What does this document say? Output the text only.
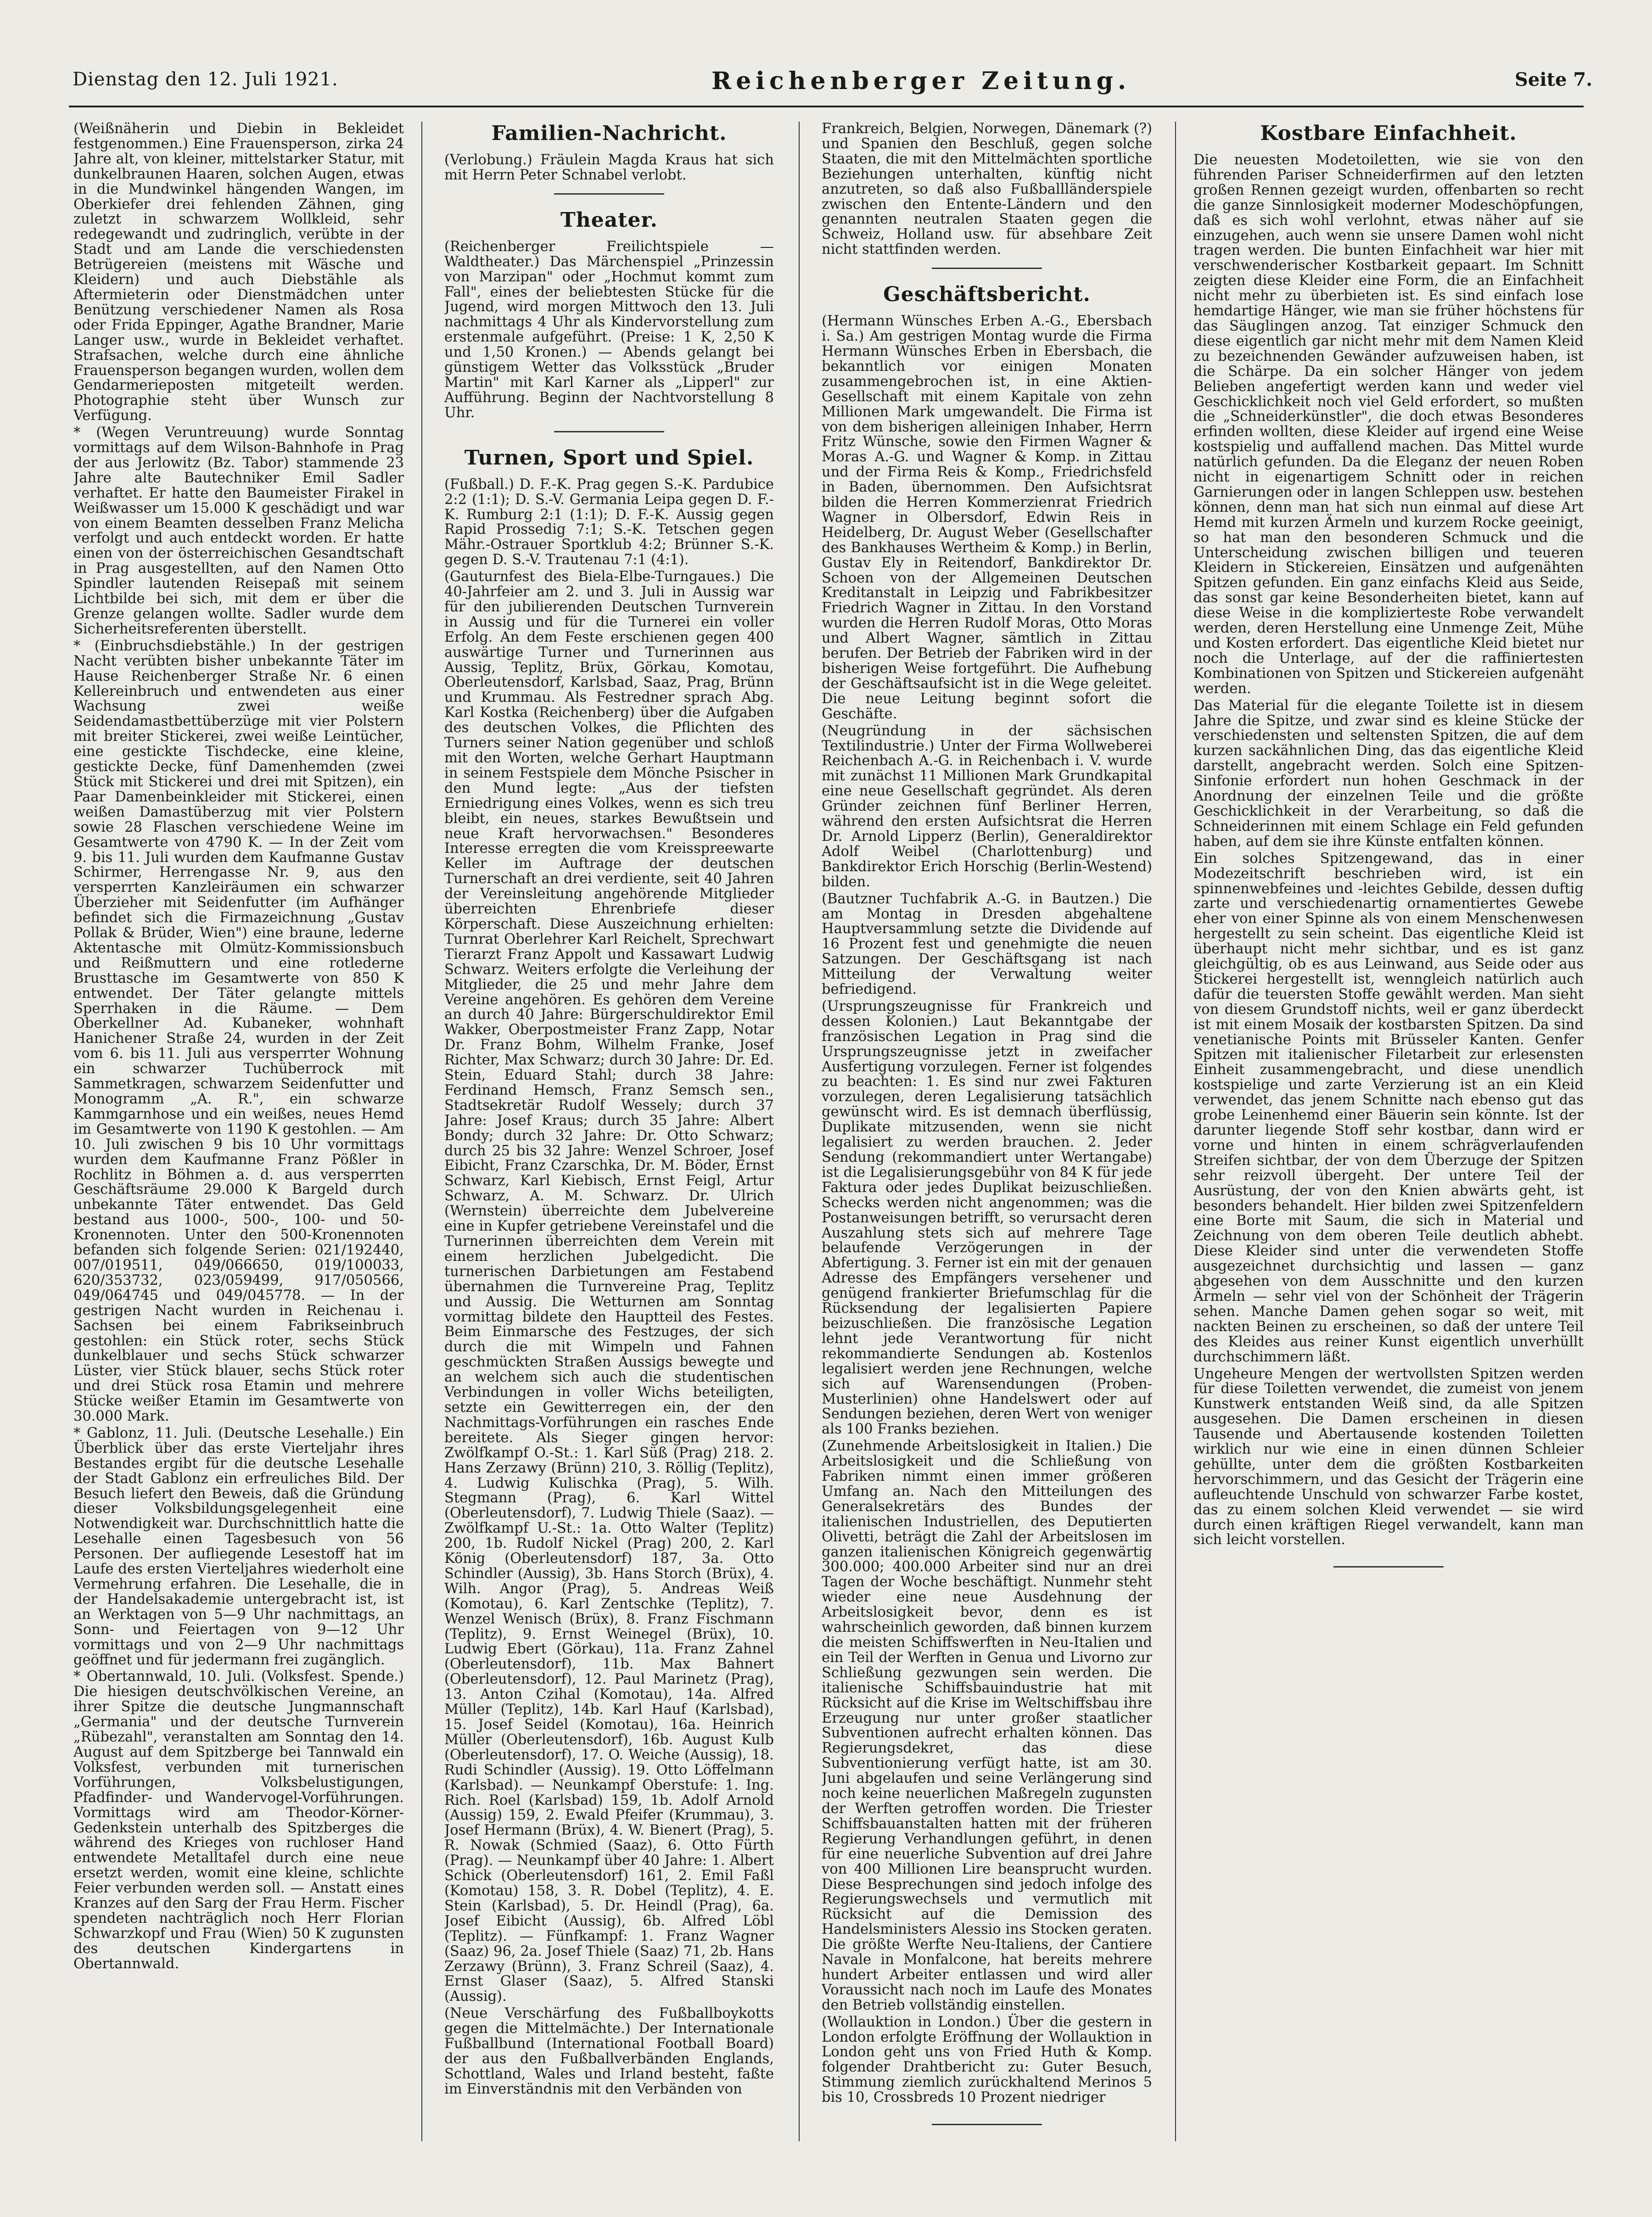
Dienstag den 12. Juli 1921.	Reichenberger Zeitung.	Seite 7.

(Weißnäherin und Diebin in Bekleidet festgenommen.) Eine Frauensperson, zirka 24 Jahre alt, von kleiner, mittelstarker Statur, mit dunkelbraunen Haaren, solchen Augen, etwas in die Mundwinkel hängenden Wangen, im Oberkiefer drei fehlenden Zähnen, ging zuletzt in schwarzem Wollkleid, sehr redegewandt und zudringlich, verübte in der Stadt und am Lande die verschiedensten Betrügereien (meistens mit Wäsche und Kleidern) und auch Diebstähle als Aftermieterin oder Dienstmädchen unter Benützung verschiedener Namen als Rosa oder Frida Eppinger, Agathe Brandner, Marie Langer usw., wurde in Bekleidet verhaftet. Strafsachen, welche durch eine ähnliche Frauensperson begangen wurden, wollen dem Gendarmerieposten mitgeteilt werden. Photographie steht über Wunsch zur Verfügung.

* (Wegen Veruntreuung) wurde Sonntag vormittags auf dem Wilson-Bahnhofe in Prag der aus Jerlowitz (Bz. Tabor) stammende 23 Jahre alte Bautechniker Emil Sadler verhaftet. Er hatte den Baumeister Firakel in Weißwasser um 15.000 K geschädigt und war von einem Beamten desselben Franz Melicha verfolgt und auch entdeckt worden. Er hatte einen von der österreichischen Gesandtschaft in Prag ausgestellten, auf den Namen Otto Spindler lautenden Reisepaß mit seinem Lichtbilde bei sich, mit dem er über die Grenze gelangen wollte. Sadler wurde dem Sicherheitsreferenten überstellt.

* (Einbruchsdiebstähle.) In der gestrigen Nacht verübten bisher unbekannte Täter im Hause Reichenberger Straße Nr. 6 einen Kellereinbruch und entwendeten aus einer Wachsung zwei weiße Seidendamastbettüberzüge mit vier Polstern mit breiter Stickerei, zwei weiße Leintücher, eine gestickte Tischdecke, eine kleine, gestickte Decke, fünf Damenhemden (zwei Stück mit Stickerei und drei mit Spitzen), ein Paar Damenbeinkleider mit Stickerei, einen weißen Damastüberzug mit vier Polstern sowie 28 Flaschen verschiedene Weine im Gesamtwerte von 4790 K. — In der Zeit vom 9. bis 11. Juli wurden dem Kaufmanne Gustav Schirmer, Herrengasse Nr. 9, aus den versperrten Kanzleiräumen ein schwarzer Überzieher mit Seidenfutter (im Aufhänger befindet sich die Firmazeichnung „Gustav Pollak & Brüder, Wien") eine braune, lederne Aktentasche mit Olmütz-Kommissionsbuch und Reißmuttern und eine rotlederne Brusttasche im Gesamtwerte von 850 K entwendet. Der Täter gelangte mittels Sperrhaken in die Räume. — Dem Oberkellner Ad. Kubaneker, wohnhaft Hanichener Straße 24, wurden in der Zeit vom 6. bis 11. Juli aus versperrter Wohnung ein schwarzer Tuchüberrock mit Sammetkragen, schwarzem Seidenfutter und Monogramm „A. R.", ein schwarze Kammgarnhose und ein weißes, neues Hemd im Gesamtwerte von 1190 K gestohlen. — Am 10. Juli zwischen 9 bis 10 Uhr vormittags wurden dem Kaufmanne Franz Pößler in Rochlitz in Böhmen a. d. aus versperrten Geschäftsräume 29.000 K Bargeld durch unbekannte Täter entwendet. Das Geld bestand aus 1000-, 500-, 100- und 50-Kronennoten. Unter den 500-Kronennoten befanden sich folgende Serien: 021/192440, 007/019511, 049/066650, 019/100033, 620/353732, 023/059499, 917/050566, 049/064745 und 049/045778. — In der gestrigen Nacht wurden in Reichenau i. Sachsen bei einem Fabrikseinbruch gestohlen: ein Stück roter, sechs Stück dunkelblauer und sechs Stück schwarzer Lüster, vier Stück blauer, sechs Stück roter und drei Stück rosa Etamin und mehrere Stücke weißer Etamin im Gesamtwerte von 30.000 Mark.

* Gablonz, 11. Juli. (Deutsche Lesehalle.) Ein Überblick über das erste Vierteljahr ihres Bestandes ergibt für die deutsche Lesehalle der Stadt Gablonz ein erfreuliches Bild. Der Besuch liefert den Beweis, daß die Gründung dieser Volksbildungsgelegenheit eine Notwendigkeit war. Durchschnittlich hatte die Lesehalle einen Tagesbesuch von 56 Personen. Der aufliegende Lesestoff hat im Laufe des ersten Vierteljahres wiederholt eine Vermehrung erfahren. Die Lesehalle, die in der Handelsakademie untergebracht ist, ist an Werktagen von 5—9 Uhr nachmittags, an Sonn- und Feiertagen von 9—12 Uhr vormittags und von 2—9 Uhr nachmittags geöffnet und für jedermann frei zugänglich.

* Obertannwald, 10. Juli. (Volksfest. Spende.) Die hiesigen deutschvölkischen Vereine, an ihrer Spitze die deutsche Jungmannschaft „Germania" und der deutsche Turnverein „Rübezahl", veranstalten am Sonntag den 14. August auf dem Spitzberge bei Tannwald ein Volksfest, verbunden mit turnerischen Vorführungen, Volksbelustigungen, Pfadfinder- und Wandervogel-Vorführungen. Vormittags wird am Theodor-Körner-Gedenkstein unterhalb des Spitzberges die während des Krieges von ruchloser Hand entwendete Metalltafel durch eine neue ersetzt werden, womit eine kleine, schlichte Feier verbunden werden soll. — Anstatt eines Kranzes auf den Sarg der Frau Herm. Fischer spendeten nachträglich noch Herr Florian Schwarzkopf und Frau (Wien) 50 K zugunsten des deutschen Kindergartens in Obertannwald.

Familien-Nachricht.

(Verlobung.) Fräulein Magda Kraus hat sich mit Herrn Peter Schnabel verlobt.

Theater.

(Reichenberger Freilichtspiele — Waldtheater.) Das Märchenspiel „Prinzessin von Marzipan" oder „Hochmut kommt zum Fall", eines der beliebtesten Stücke für die Jugend, wird morgen Mittwoch den 13. Juli nachmittags 4 Uhr als Kindervorstellung zum erstenmale aufgeführt. (Preise: 1 K, 2,50 K und 1,50 Kronen.) — Abends gelangt bei günstigem Wetter das Volksstück „Bruder Martin" mit Karl Karner als „Lipperl" zur Aufführung. Beginn der Nachtvorstellung 8 Uhr.

Turnen, Sport und Spiel.

(Fußball.) D. F.-K. Prag gegen S.-K. Pardubice 2:2 (1:1); D. S.-V. Germania Leipa gegen D. F.-K. Rumburg 2:1 (1:1); D. F.-K. Aussig gegen Rapid Prossedig 7:1; S.-K. Tetschen gegen Mähr.-Ostrauer Sportklub 4:2; Brünner S.-K. gegen D. S.-V. Trautenau 7:1 (4:1).

(Gauturnfest des Biela-Elbe-Turngaues.) Die 40-Jahrfeier am 2. und 3. Juli in Aussig war für den jubilierenden Deutschen Turnverein in Aussig und für die Turnerei ein voller Erfolg. An dem Feste erschienen gegen 400 auswärtige Turner und Turnerinnen aus Aussig, Teplitz, Brüx, Görkau, Komotau, Oberleutensdorf, Karlsbad, Saaz, Prag, Brünn und Krummau. Als Festredner sprach Abg. Karl Kostka (Reichenberg) über die Aufgaben des deutschen Volkes, die Pflichten des Turners seiner Nation gegenüber und schloß mit den Worten, welche Gerhart Hauptmann in seinem Festspiele dem Mönche Psischer in den Mund legte: „Aus der tiefsten Erniedrigung eines Volkes, wenn es sich treu bleibt, ein neues, starkes Bewußtsein und neue Kraft hervorwachsen." Besonderes Interesse erregten die vom Kreisspreewarte Keller im Auftrage der deutschen Turnerschaft an drei verdiente, seit 40 Jahren der Vereinsleitung angehörende Mitglieder überreichten Ehrenbriefe dieser Körperschaft. Diese Auszeichnung erhielten: Turnrat Oberlehrer Karl Reichelt, Sprechwart Tierarzt Franz Appolt und Kassawart Ludwig Schwarz. Weiters erfolgte die Verleihung der Mitglieder, die 25 und mehr Jahre dem Vereine angehören. Es gehören dem Vereine an durch 40 Jahre: Bürgerschuldirektor Emil Wakker, Oberpostmeister Franz Zapp, Notar Dr. Franz Bohm, Wilhelm Franke, Josef Richter, Max Schwarz; durch 30 Jahre: Dr. Ed. Stein, Eduard Stahl; durch 38 Jahre: Ferdinand Hemsch, Franz Semsch sen., Stadtsekretär Rudolf Wessely; durch 37 Jahre: Josef Kraus; durch 35 Jahre: Albert Bondy; durch 32 Jahre: Dr. Otto Schwarz; durch 25 bis 32 Jahre: Wenzel Schroer, Josef Eibicht, Franz Czarschka, Dr. M. Böder, Ernst Schwarz, Karl Kiebisch, Ernst Feigl, Artur Schwarz, A. M. Schwarz. Dr. Ulrich (Wernstein) überreichte dem Jubelvereine eine in Kupfer getriebene Vereinstafel und die Turnerinnen überreichten dem Verein mit einem herzlichen Jubelgedicht. Die turnerischen Darbietungen am Festabend übernahmen die Turnvereine Prag, Teplitz und Aussig. Die Wetturnen am Sonntag vormittag bildete den Hauptteil des Festes. Beim Einmarsche des Festzuges, der sich durch die mit Wimpeln und Fahnen geschmückten Straßen Aussigs bewegte und an welchem sich auch die studentischen Verbindungen in voller Wichs beteiligten, setzte ein Gewitterregen ein, der den Nachmittags-Vorführungen ein rasches Ende bereitete. Als Sieger gingen hervor: Zwölfkampf O.-St.: 1. Karl Süß (Prag) 218. 2. Hans Zerzawy (Brünn) 210, 3. Röllig (Teplitz), 4. Ludwig Kulischka (Prag), 5. Wilh. Stegmann (Prag), 6. Karl Wittel (Oberleutensdorf), 7. Ludwig Thiele (Saaz). — Zwölfkampf U.-St.: 1a. Otto Walter (Teplitz) 200, 1b. Rudolf Nickel (Prag) 200, 2. Karl König (Oberleutensdorf) 187, 3a. Otto Schindler (Aussig), 3b. Hans Storch (Brüx), 4. Wilh. Angor (Prag), 5. Andreas Weiß (Komotau), 6. Karl Zentschke (Teplitz), 7. Wenzel Wenisch (Brüx), 8. Franz Fischmann (Teplitz), 9. Ernst Weinegel (Brüx), 10. Ludwig Ebert (Görkau), 11a. Franz Zahnel (Oberleutensdorf), 11b. Max Bahnert (Oberleutensdorf), 12. Paul Marinetz (Prag), 13. Anton Czihal (Komotau), 14a. Alfred Müller (Teplitz), 14b. Karl Hauf (Karlsbad), 15. Josef Seidel (Komotau), 16a. Heinrich Müller (Oberleutensdorf), 16b. August Kulb (Oberleutensdorf), 17. O. Weiche (Aussig), 18. Rudi Schindler (Aussig). 19. Otto Löffelmann (Karlsbad). — Neunkampf Oberstufe: 1. Ing. Rich. Roel (Karlsbad) 159, 1b. Adolf Arnold (Aussig) 159, 2. Ewald Pfeifer (Krummau), 3. Josef Hermann (Brüx), 4. W. Bienert (Prag), 5. R. Nowak (Schmied (Saaz), 6. Otto Fürth (Prag). — Neunkampf über 40 Jahre: 1. Albert Schick (Oberleutensdorf) 161, 2. Emil Faßl (Komotau) 158, 3. R. Dobel (Teplitz), 4. E. Stein (Karlsbad), 5. Dr. Heindl (Prag), 6a. Josef Eibicht (Aussig), 6b. Alfred Löbl (Teplitz). — Fünfkampf: 1. Franz Wagner (Saaz) 96, 2a. Josef Thiele (Saaz) 71, 2b. Hans Zerzawy (Brünn), 3. Franz Schreil (Saaz), 4. Ernst Glaser (Saaz), 5. Alfred Stanski (Aussig).

(Neue Verschärfung des Fußballboykotts gegen die Mittelmächte.) Der Internationale Fußballbund (International Football Board) der aus den Fußballverbänden Englands, Schottland, Wales und Irland besteht, faßte im Einverständnis mit den Verbänden von

Frankreich, Belgien, Norwegen, Dänemark (?) und Spanien den Beschluß, gegen solche Staaten, die mit den Mittelmächten sportliche Beziehungen unterhalten, künftig nicht anzutreten, so daß also Fußballländerspiele zwischen den Entente-Ländern und den genannten neutralen Staaten gegen die Schweiz, Holland usw. für absehbare Zeit nicht stattfinden werden.

Geschäftsbericht.

(Hermann Wünsches Erben A.-G., Ebersbach i. Sa.) Am gestrigen Montag wurde die Firma Hermann Wünsches Erben in Ebersbach, die bekanntlich vor einigen Monaten zusammengebrochen ist, in eine Aktien-Gesellschaft mit einem Kapitale von zehn Millionen Mark umgewandelt. Die Firma ist von dem bisherigen alleinigen Inhaber, Herrn Fritz Wünsche, sowie den Firmen Wagner & Moras A.-G. und Wagner & Komp. in Zittau und der Firma Reis & Komp., Friedrichsfeld in Baden, übernommen. Den Aufsichtsrat bilden die Herren Kommerzienrat Friedrich Wagner in Olbersdorf, Edwin Reis in Heidelberg, Dr. August Weber (Gesellschafter des Bankhauses Wertheim & Komp.) in Berlin, Gustav Ely in Reitendorf, Bankdirektor Dr. Schoen von der Allgemeinen Deutschen Kreditanstalt in Leipzig und Fabrikbesitzer Friedrich Wagner in Zittau. In den Vorstand wurden die Herren Rudolf Moras, Otto Moras und Albert Wagner, sämtlich in Zittau berufen. Der Betrieb der Fabriken wird in der bisherigen Weise fortgeführt. Die Aufhebung der Geschäftsaufsicht ist in die Wege geleitet. Die neue Leitung beginnt sofort die Geschäfte.

(Neugründung in der sächsischen Textilindustrie.) Unter der Firma Wollweberei Reichenbach A.-G. in Reichenbach i. V. wurde mit zunächst 11 Millionen Mark Grundkapital eine neue Gesellschaft gegründet. Als deren Gründer zeichnen fünf Berliner Herren, während den ersten Aufsichtsrat die Herren Dr. Arnold Lipperz (Berlin), Generaldirektor Adolf Weibel (Charlottenburg) und Bankdirektor Erich Horschig (Berlin-Westend) bilden.

(Bautzner Tuchfabrik A.-G. in Bautzen.) Die am Montag in Dresden abgehaltene Hauptversammlung setzte die Dividende auf 16 Prozent fest und genehmigte die neuen Satzungen. Der Geschäftsgang ist nach Mitteilung der Verwaltung weiter befriedigend.

(Ursprungszeugnisse für Frankreich und dessen Kolonien.) Laut Bekanntgabe der französischen Legation in Prag sind die Ursprungszeugnisse jetzt in zweifacher Ausfertigung vorzulegen. Ferner ist folgendes zu beachten: 1. Es sind nur zwei Fakturen vorzulegen, deren Legalisierung tatsächlich gewünscht wird. Es ist demnach überflüssig, Duplikate mitzusenden, wenn sie nicht legalisiert zu werden brauchen. 2. Jeder Sendung (rekommandiert unter Wertangabe) ist die Legalisierungsgebühr von 84 K für jede Faktura oder jedes Duplikat beizuschließen. Schecks werden nicht angenommen; was die Postanweisungen betrifft, so verursacht deren Auszahlung stets sich auf mehrere Tage belaufende Verzögerungen in der Abfertigung. 3. Ferner ist ein mit der genauen Adresse des Empfängers versehener und genügend frankierter Briefumschlag für die Rücksendung der legalisierten Papiere beizuschließen. Die französische Legation lehnt jede Verantwortung für nicht rekommandierte Sendungen ab. Kostenlos legalisiert werden jene Rechnungen, welche sich auf Warensendungen (Proben-Musterlinien) ohne Handelswert oder auf Sendungen beziehen, deren Wert von weniger als 100 Franks beziehen.

(Zunehmende Arbeitslosigkeit in Italien.) Die Arbeitslosigkeit und die Schließung von Fabriken nimmt einen immer größeren Umfang an. Nach den Mitteilungen des Generalsekretärs des Bundes der italienischen Industriellen, des Deputierten Olivetti, beträgt die Zahl der Arbeitslosen im ganzen italienischen Königreich gegenwärtig 300.000; 400.000 Arbeiter sind nur an drei Tagen der Woche beschäftigt. Nunmehr steht wieder eine neue Ausdehnung der Arbeitslosigkeit bevor, denn es ist wahrscheinlich geworden, daß binnen kurzem die meisten Schiffswerften in Neu-Italien und ein Teil der Werften in Genua und Livorno zur Schließung gezwungen sein werden. Die italienische Schiffsbauindustrie hat mit Rücksicht auf die Krise im Weltschiffsbau ihre Erzeugung nur unter großer staatlicher Subventionen aufrecht erhalten können. Das Regierungsdekret, das diese Subventionierung verfügt hatte, ist am 30. Juni abgelaufen und seine Verlängerung sind noch keine neuerlichen Maßregeln zugunsten der Werften getroffen worden. Die Triester Schiffsbauanstalten hatten mit der früheren Regierung Verhandlungen geführt, in denen für eine neuerliche Subvention auf drei Jahre von 400 Millionen Lire beansprucht wurden. Diese Besprechungen sind jedoch infolge des Regierungswechsels und vermutlich mit Rücksicht auf die Demission des Handelsministers Alessio ins Stocken geraten. Die größte Werfte Neu-Italiens, der Cantiere Navale in Monfalcone, hat bereits mehrere hundert Arbeiter entlassen und wird aller Voraussicht nach noch im Laufe des Monates den Betrieb vollständig einstellen.

(Wollauktion in London.) Über die gestern in London erfolgte Eröffnung der Wollauktion in London geht uns von Fried Huth & Komp. folgender Drahtbericht zu: Guter Besuch, Stimmung ziemlich zurückhaltend Merinos 5 bis 10, Crossbreds 10 Prozent niedriger

Kostbare Einfachheit.

Die neuesten Modetoiletten, wie sie von den führenden Pariser Schneiderfirmen auf den letzten großen Rennen gezeigt wurden, offenbarten so recht die ganze Sinnlosigkeit moderner Modeschöpfungen, daß es sich wohl verlohnt, etwas näher auf sie einzugehen, auch wenn sie unsere Damen wohl nicht tragen werden. Die bunten Einfachheit war hier mit verschwenderischer Kostbarkeit gepaart. Im Schnitt zeigten diese Kleider eine Form, die an Einfachheit nicht mehr zu überbieten ist. Es sind einfach lose hemdartige Hänger, wie man sie früher höchstens für das Säuglingen anzog. Tat einziger Schmuck den diese eigentlich gar nicht mehr mit dem Namen Kleid zu bezeichnenden Gewänder aufzuweisen haben, ist die Schärpe. Da ein solcher Hänger von jedem Belieben angefertigt werden kann und weder viel Geschicklichkeit noch viel Geld erfordert, so mußten die „Schneiderkünstler", die doch etwas Besonderes erfinden wollten, diese Kleider auf irgend eine Weise kostspielig und auffallend machen. Das Mittel wurde natürlich gefunden. Da die Eleganz der neuen Roben nicht in eigenartigem Schnitt oder in reichen Garnierungen oder in langen Schleppen usw. bestehen können, denn man hat sich nun einmal auf diese Art Hemd mit kurzen Ärmeln und kurzem Rocke geeinigt, so hat man den besonderen Schmuck und die Unterscheidung zwischen billigen und teueren Kleidern in Stickereien, Einsätzen und aufgenähten Spitzen gefunden. Ein ganz einfachs Kleid aus Seide, das sonst gar keine Besonderheiten bietet, kann auf diese Weise in die komplizierteste Robe verwandelt werden, deren Herstellung eine Unmenge Zeit, Mühe und Kosten erfordert. Das eigentliche Kleid bietet nur noch die Unterlage, auf der die raffiniertesten Kombinationen von Spitzen und Stickereien aufgenäht werden.

Das Material für die elegante Toilette ist in diesem Jahre die Spitze, und zwar sind es kleine Stücke der verschiedensten und seltensten Spitzen, die auf dem kurzen sackähnlichen Ding, das das eigentliche Kleid darstellt, angebracht werden. Solch eine Spitzen-Sinfonie erfordert nun hohen Geschmack in der Anordnung der einzelnen Teile und die größte Geschicklichkeit in der Verarbeitung, so daß die Schneiderinnen mit einem Schlage ein Feld gefunden haben, auf dem sie ihre Künste entfalten können.

Ein solches Spitzengewand, das in einer Modezeitschrift beschrieben wird, ist ein spinnenwebfeines und -leichtes Gebilde, dessen duftig zarte und verschiedenartig ornamentiertes Gewebe eher von einer Spinne als von einem Menschenwesen hergestellt zu sein scheint. Das eigentliche Kleid ist überhaupt nicht mehr sichtbar, und es ist ganz gleichgültig, ob es aus Leinwand, aus Seide oder aus Stickerei hergestellt ist, wenngleich natürlich auch dafür die teuersten Stoffe gewählt werden. Man sieht von diesem Grundstoff nichts, weil er ganz überdeckt ist mit einem Mosaik der kostbarsten Spitzen. Da sind venetianische Points mit Brüsseler Kanten. Genfer Spitzen mit italienischer Filetarbeit zur erlesensten Einheit zusammengebracht, und diese unendlich kostspielige und zarte Verzierung ist an ein Kleid verwendet, das jenem Schnitte nach ebenso gut das grobe Leinenhemd einer Bäuerin sein könnte. Ist der darunter liegende Stoff sehr kostbar, dann wird er vorne und hinten in einem schrägverlaufenden Streifen sichtbar, der von dem Überzuge der Spitzen sehr reizvoll übergeht. Der untere Teil der Ausrüstung, der von den Knien abwärts geht, ist besonders behandelt. Hier bilden zwei Spitzenfeldern eine Borte mit Saum, die sich in Material und Zeichnung von dem oberen Teile deutlich abhebt. Diese Kleider sind unter die verwendeten Stoffe ausgezeichnet durchsichtig und lassen — ganz abgesehen von dem Ausschnitte und den kurzen Ärmeln — sehr viel von der Schönheit der Trägerin sehen. Manche Damen gehen sogar so weit, mit nackten Beinen zu erscheinen, so daß der untere Teil des Kleides aus reiner Kunst eigentlich unverhüllt durchschimmern läßt.

Ungeheure Mengen der wertvollsten Spitzen werden für diese Toiletten verwendet, die zumeist von jenem Kunstwerk entstanden Weiß sind, da alle Spitzen ausgesehen. Die Damen erscheinen in diesen Tausende und Abertausende kostenden Toiletten wirklich nur wie eine in einen dünnen Schleier gehüllte, unter dem die größten Kostbarkeiten hervorschimmern, und das Gesicht der Trägerin eine aufleuchtende Unschuld von schwarzer Farbe kostet, das zu einem solchen Kleid verwendet — sie wird durch einen kräftigen Riegel verwandelt, kann man sich leicht vorstellen.
